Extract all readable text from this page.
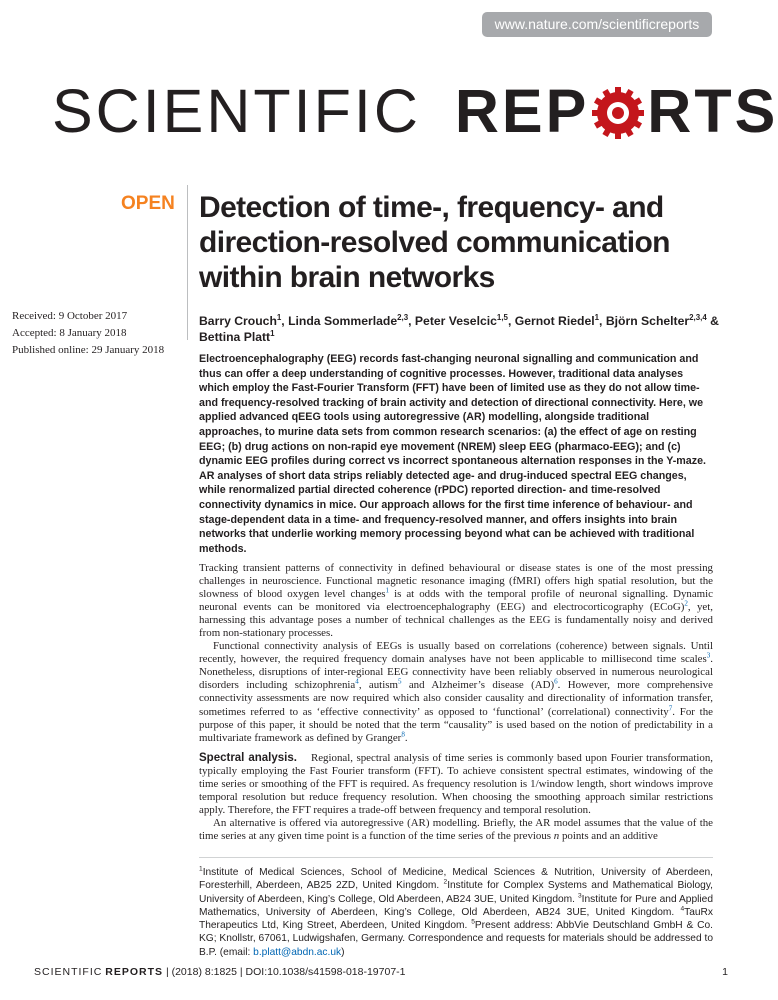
www.nature.com/scientificreports
SCIENTIFIC REP RTS
OPEN Detection of time-, frequency- and direction-resolved communication within brain networks
Received: 9 October 2017
Accepted: 8 January 2018
Published online: 29 January 2018
Barry Crouch$^1$, Linda Sommerlade$^{2,3}$, Peter Veselcic$^{1,5}$, Gernot Riedel$^1$, Björn Schelter$^{2,3,4}$ &
Bettina Platt$^1$

Electroencephalography (EEG) records fast-changing neuronal signalling and communication and thus can offer a deep understanding of cognitive processes. However, traditional data analyses which employ the Fast-Fourier Transform (FFT) have been of limited use as they do not allow time- and frequency-resolved tracking of brain activity and detection of directional connectivity. Here, we applied advanced qEEG tools using autoregressive (AR) modelling, alongside traditional approaches, to murine data sets from common research scenarios: (a) the effect of age on resting EEG; (b) drug actions on non-rapid eye movement (NREM) sleep EEG (pharmaco-EEG); and (c) dynamic EEG profiles during correct vs incorrect spontaneous alternation responses in the Y-maze. AR analyses of short data strips reliably detected age- and drug-induced spectral EEG changes, while renormalized partial directed coherence (rPDC) reported direction- and time-resolved connectivity dynamics in mice. Our approach allows for the first time inference of behaviour- and stage-dependent data in a time- and frequency-resolved manner, and offers insights into brain networks that underlie working memory processing beyond what can be achieved with traditional methods.

Tracking transient patterns of connectivity in defined behavioural or disease states is one of the most pressing challenges in neuroscience. Functional magnetic resonance imaging (fMRI) offers high spatial resolution, but the slowness of blood oxygen level changes$^1$ is at odds with the temporal profile of neuronal signalling. Dynamic neuronal events can be monitored via electroencephalography (EEG) and electrocorticography (ECoG)$^2$, yet, harnessing this advantage poses a number of technical challenges as the EEG is fundamentally noisy and derived from non-stationary processes.

Functional connectivity analysis of EEGs is usually based on correlations (coherence) between signals. Until recently, however, the required frequency domain analyses have not been applicable to millisecond time scales$^3$. Nonetheless, disruptions of inter-regional EEG connectivity have been reliably observed in numerous neurological disorders including schizophrenia$^4$, autism$^5$ and Alzheimer’s disease (AD)$^6$. However, more comprehensive connectivity assessments are now required which also consider causality and directionality of information transfer, sometimes referred to as ‘effective connectivity’ as opposed to ‘functional’ (correlational) connectivity$^7$. For the purpose of this paper, it should be noted that the term “causality” is used based on the notion of predictability in a multivariate framework as defined by Granger$^8$.

Spectral analysis. Regional, spectral analysis of time series is commonly based upon Fourier transformation, typically employing the Fast Fourier transform (FFT). To achieve consistent spectral estimates, windowing of the time series or smoothing of the FFT is required. As frequency resolution is 1/window length, short windows improve temporal resolution but reduce frequency resolution. When choosing the smoothing approach similar restrictions apply. Therefore, the FFT requires a trade-off between frequency and temporal resolution.

An alternative is offered via autoregressive (AR) modelling. Briefly, the AR model assumes that the value of the time series at any given time point is a function of the time series of the previous n points and an additive

$^1$Institute of Medical Sciences, School of Medicine, Medical Sciences & Nutrition, University of Aberdeen, Foresterhill, Aberdeen, AB25 2ZD, United Kingdom. $^2$Institute for Complex Systems and Mathematical Biology, University of Aberdeen, King’s College, Old Aberdeen, AB24 3UE, United Kingdom. $^3$Institute for Pure and Applied Mathematics, University of Aberdeen, King’s College, Old Aberdeen, AB24 3UE, United Kingdom. $^4$TauRx Therapeutics Ltd, King Street, Aberdeen, United Kingdom. $^5$Present address: AbbVie Deutschland GmbH & Co. KG; Knollstr, 67061, Ludwigshafen, Germany. Correspondence and requests for materials should be addressed to B.P. (email: b.platt@abdn.ac.uk)
SCIENTIFIC REPORTS | (2018) 8:1825 | DOI:10.1038/s41598-018-19707-1	1
